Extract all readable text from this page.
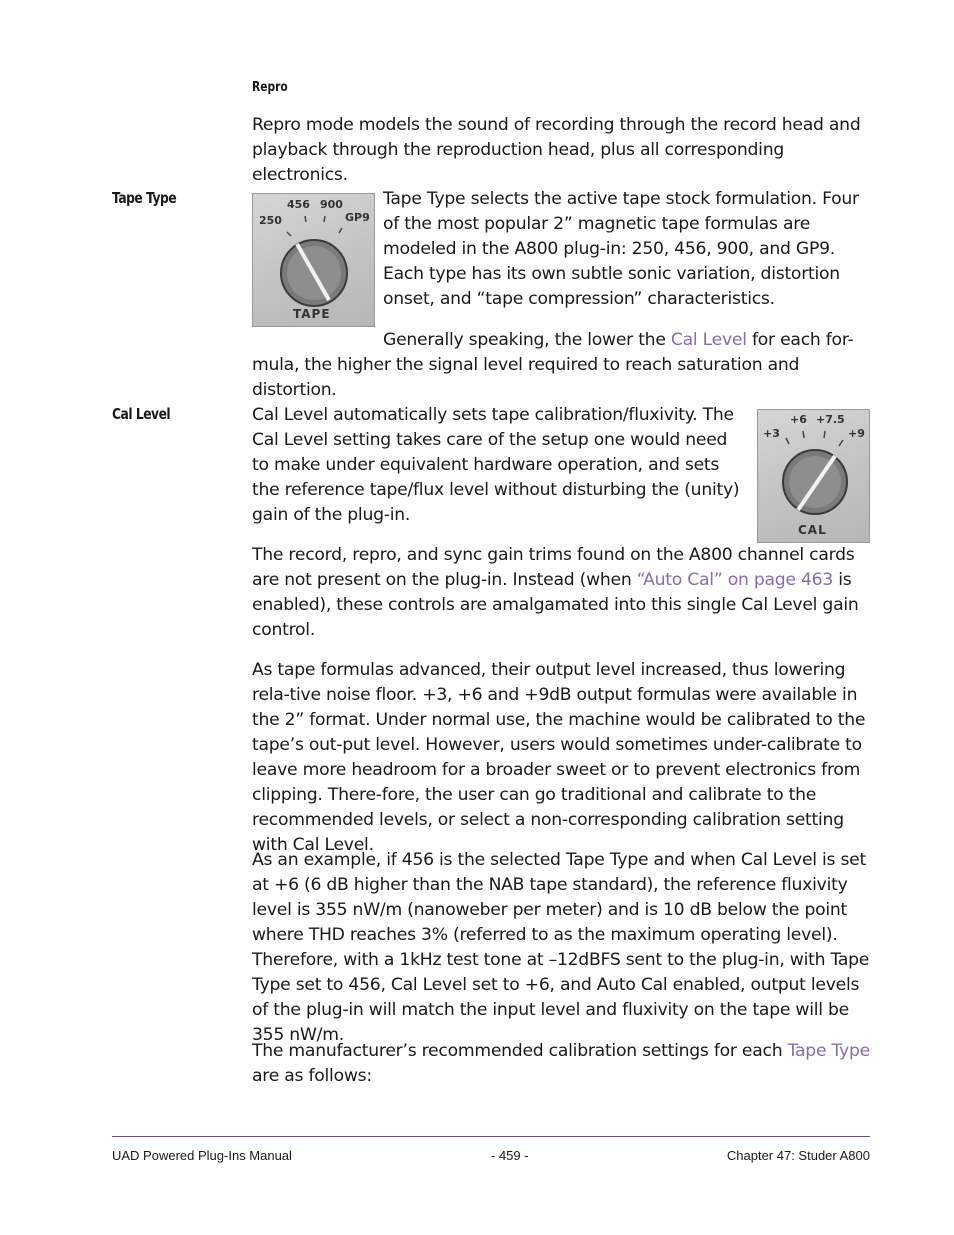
Repro

Repro mode models the sound of recording through the record head and playback through the reproduction head, plus all corresponding electronics.

Tape Type
250
456 900
GP9
TAPE

Tape Type selects the active tape stock formulation. Four of the most popular 2” magnetic tape formulas are modeled in the A800 plug-in: 250, 456, 900, and GP9. Each type has its own subtle sonic variation, distortion onset, and “tape compression” characteristics.

Generally speaking, the lower the Cal Level for each for-mula, the higher the signal level required to reach saturation and distortion.

Cal Level
+3
+6 +7.5
+9
CAL

Cal Level automatically sets tape calibration/fluxivity. The Cal Level setting takes care of the setup one would need to make under equivalent hardware operation, and sets the reference tape/flux level without disturbing the (unity) gain of the plug-in.

The record, repro, and sync gain trims found on the A800 channel cards are not present on the plug-in. Instead (when “Auto Cal” on page 463 is enabled), these controls are amalgamated into this single Cal Level gain control.

As tape formulas advanced, their output level increased, thus lowering rela-tive noise floor. +3, +6 and +9dB output formulas were available in the 2” format. Under normal use, the machine would be calibrated to the tape’s out-put level. However, users would sometimes under-calibrate to leave more headroom for a broader sweet or to prevent electronics from clipping. There-fore, the user can go traditional and calibrate to the recommended levels, or select a non-corresponding calibration setting with Cal Level.

As an example, if 456 is the selected Tape Type and when Cal Level is set at +6 (6 dB higher than the NAB tape standard), the reference fluxivity level is 355 nW/m (nanoweber per meter) and is 10 dB below the point where THD reaches 3% (referred to as the maximum operating level). Therefore, with a 1kHz test tone at –12dBFS sent to the plug-in, with Tape Type set to 456, Cal Level set to +6, and Auto Cal enabled, output levels of the plug-in will match the input level and fluxivity on the tape will be 355 nW/m.

The manufacturer’s recommended calibration settings for each Tape Type are as follows:

UAD Powered Plug-Ins Manual	- 459 -	Chapter 47: Studer A800
